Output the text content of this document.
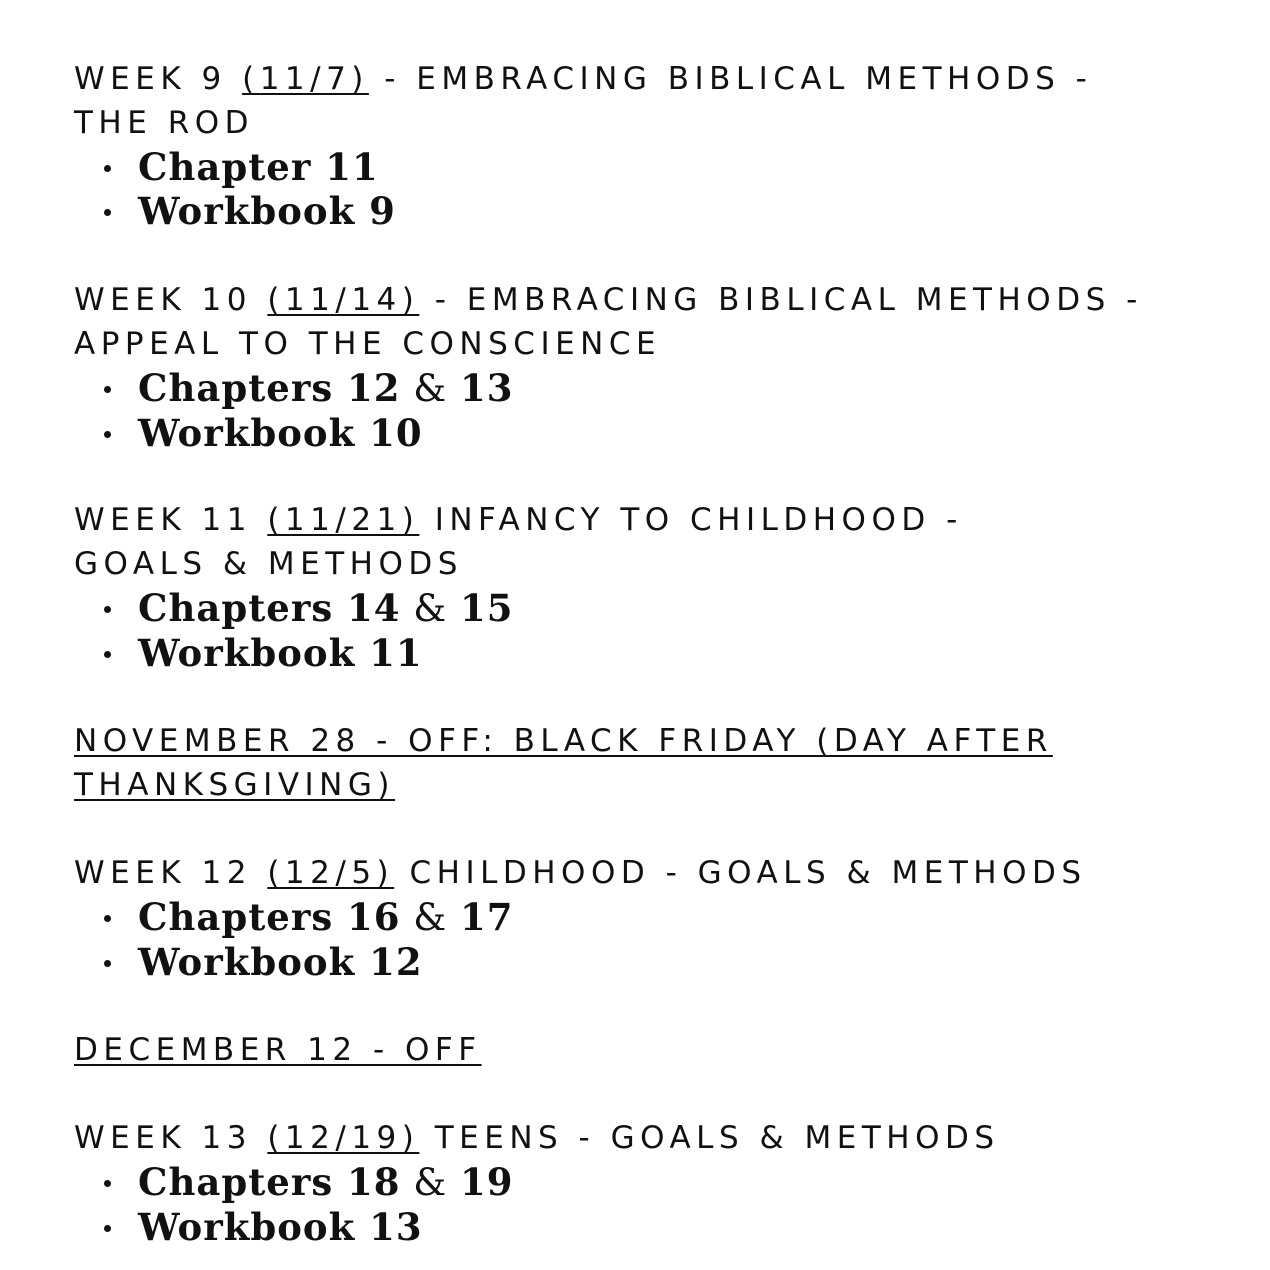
WEEK 9 (11/7) - EMBRACING BIBLICAL METHODS -
THE ROD
Chapter 11
Workbook 9
WEEK 10 (11/14) - EMBRACING BIBLICAL METHODS -
APPEAL TO THE CONSCIENCE
Chapters 12 & 13
Workbook 10
WEEK 11 (11/21) INFANCY TO CHILDHOOD -
GOALS & METHODS
Chapters 14 & 15
Workbook 11
NOVEMBER 28 - OFF: BLACK FRIDAY (DAY AFTER
THANKSGIVING)
WEEK 12 (12/5) CHILDHOOD - GOALS & METHODS
Chapters 16 & 17
Workbook 12
DECEMBER 12 - OFF
WEEK 13 (12/19) TEENS - GOALS & METHODS
Chapters 18 & 19
Workbook 13
